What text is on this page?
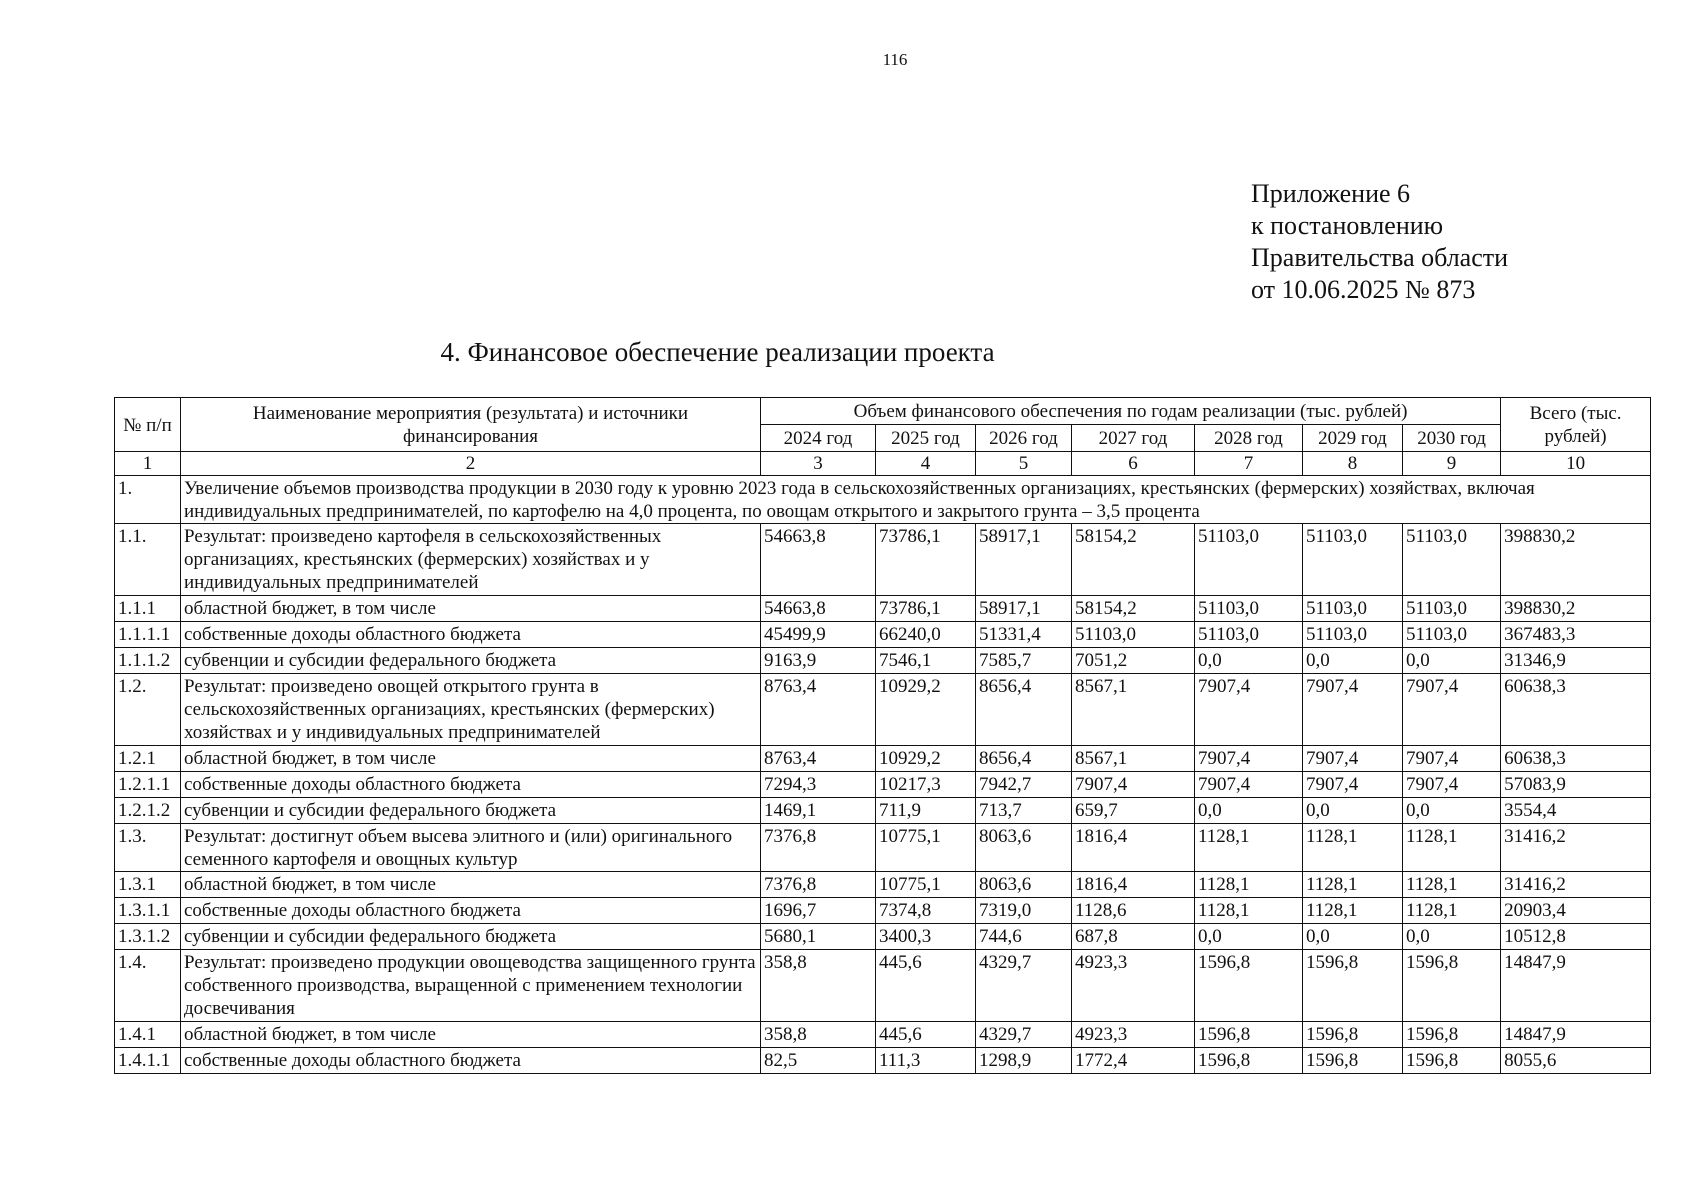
116
Приложение 6
к постановлению
Правительства области
от 10.06.2025 № 873
4. Финансовое обеспечение реализации проекта
№ п/п	Наименование мероприятия (результата) и источники финансирования	Объем финансового обеспечения по годам реализации (тыс. рублей)							Всего (тыс. рублей)
		2024 год	2025 год	2026 год	2027 год	2028 год	2029 год	2030 год	
1	2	3	4	5	6	7	8	9	10
1.	Увеличение объемов производства продукции в 2030 году к уровню 2023 года в сельскохозяйственных организациях, крестьянских (фермерских) хозяйствах, включая индивидуальных предпринимателей, по картофелю на 4,0 процента, по овощам открытого и закрытого грунта – 3,5 процента								
1.1.	Результат: произведено картофеля в сельскохозяйственных организациях, крестьянских (фермерских) хозяйствах и у индивидуальных предпринимателей	54663,8	73786,1	58917,1	58154,2	51103,0	51103,0	51103,0	398830,2
1.1.1	областной бюджет, в том числе	54663,8	73786,1	58917,1	58154,2	51103,0	51103,0	51103,0	398830,2
1.1.1.1	собственные доходы областного бюджета	45499,9	66240,0	51331,4	51103,0	51103,0	51103,0	51103,0	367483,3
1.1.1.2	субвенции и субсидии федерального бюджета	9163,9	7546,1	7585,7	7051,2	0,0	0,0	0,0	31346,9
1.2.	Результат: произведено овощей открытого грунта в сельскохозяйственных организациях, крестьянских (фермерских) хозяйствах и у индивидуальных предпринимателей	8763,4	10929,2	8656,4	8567,1	7907,4	7907,4	7907,4	60638,3
1.2.1	областной бюджет, в том числе	8763,4	10929,2	8656,4	8567,1	7907,4	7907,4	7907,4	60638,3
1.2.1.1	собственные доходы областного бюджета	7294,3	10217,3	7942,7	7907,4	7907,4	7907,4	7907,4	57083,9
1.2.1.2	субвенции и субсидии федерального бюджета	1469,1	711,9	713,7	659,7	0,0	0,0	0,0	3554,4
1.3.	Результат: достигнут объем высева элитного и (или) оригинального семенного картофеля и овощных культур	7376,8	10775,1	8063,6	1816,4	1128,1	1128,1	1128,1	31416,2
1.3.1	областной бюджет, в том числе	7376,8	10775,1	8063,6	1816,4	1128,1	1128,1	1128,1	31416,2
1.3.1.1	собственные доходы областного бюджета	1696,7	7374,8	7319,0	1128,6	1128,1	1128,1	1128,1	20903,4
1.3.1.2	субвенции и субсидии федерального бюджета	5680,1	3400,3	744,6	687,8	0,0	0,0	0,0	10512,8
1.4.	Результат: произведено продукции овощеводства защищенного грунта собственного производства, выращенной с применением технологии досвечивания	358,8	445,6	4329,7	4923,3	1596,8	1596,8	1596,8	14847,9
1.4.1	областной бюджет, в том числе	358,8	445,6	4329,7	4923,3	1596,8	1596,8	1596,8	14847,9
1.4.1.1	собственные доходы областного бюджета	82,5	111,3	1298,9	1772,4	1596,8	1596,8	1596,8	8055,6
